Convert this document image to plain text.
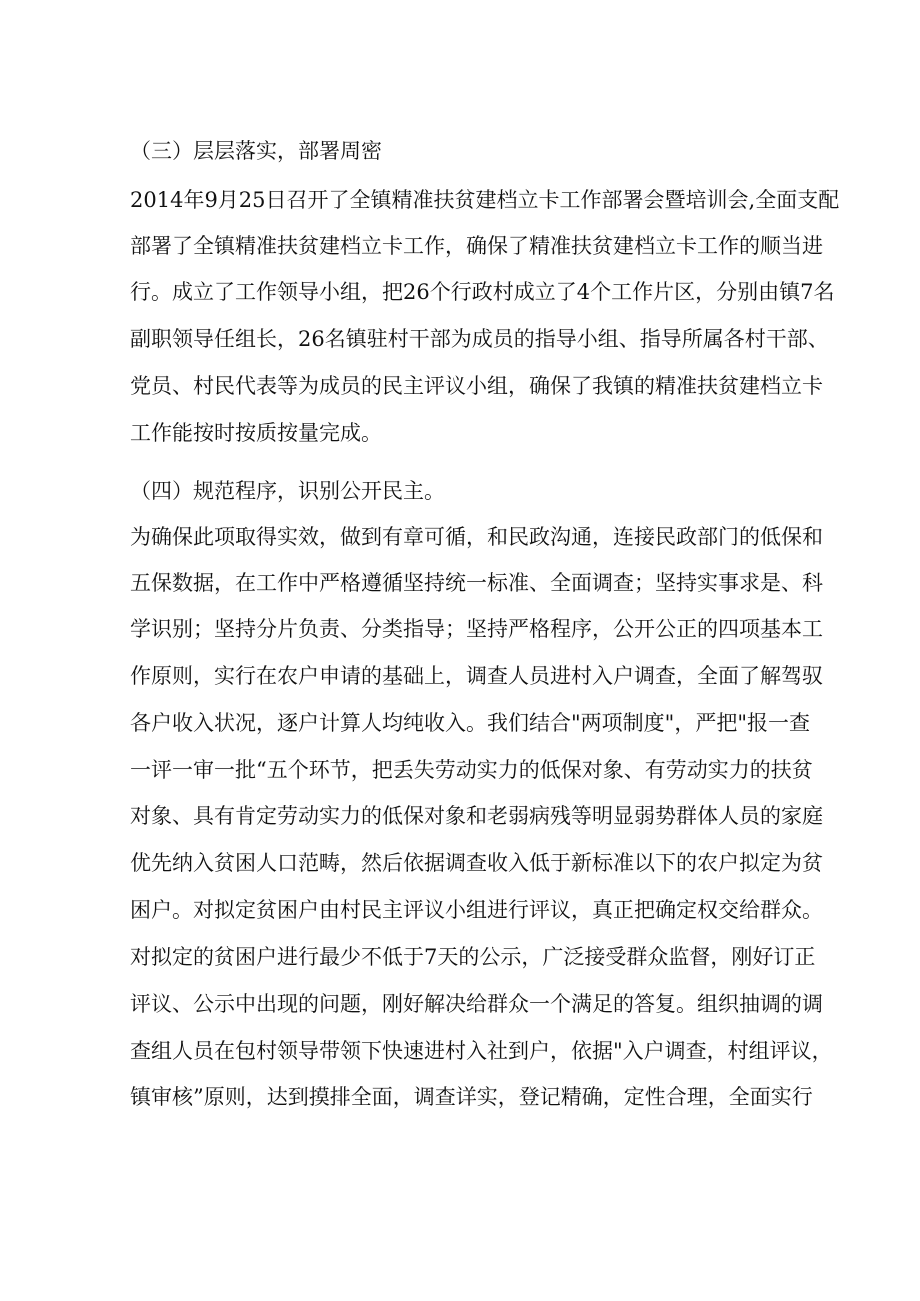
（三）层层落实，部署周密
2014年9月25日召开了全镇精准扶贫建档立卡工作部署会暨培训会,全面支配
部署了全镇精准扶贫建档立卡工作，确保了精准扶贫建档立卡工作的顺当进
行。成立了工作领导小组，把26个行政村成立了4个工作片区，分别由镇7名
副职领导任组长，26名镇驻村干部为成员的指导小组、指导所属各村干部、
党员、村民代表等为成员的民主评议小组，确保了我镇的精准扶贫建档立卡
工作能按时按质按量完成。
（四）规范程序，识别公开民主。
为确保此项取得实效，做到有章可循，和民政沟通，连接民政部门的低保和
五保数据，在工作中严格遵循坚持统一标准、全面调查；坚持实事求是、科
学识别；坚持分片负责、分类指导；坚持严格程序，公开公正的四项基本工
作原则，实行在农户申请的基础上，调查人员进村入户调查，全面了解驾驭
各户收入状况，逐户计算人均纯收入。我们结合"两项制度"，严把"报一查
一评一审一批“五个环节，把丢失劳动实力的低保对象、有劳动实力的扶贫
对象、具有肯定劳动实力的低保对象和老弱病残等明显弱势群体人员的家庭
优先纳入贫困人口范畴，然后依据调查收入低于新标准以下的农户拟定为贫
困户。对拟定贫困户由村民主评议小组进行评议，真正把确定权交给群众。
对拟定的贫困户进行最少不低于7天的公示，广泛接受群众监督，刚好订正
评议、公示中出现的问题，刚好解决给群众一个满足的答复。组织抽调的调
查组人员在包村领导带领下快速进村入社到户，依据"入户调查，村组评议，
镇审核”原则，达到摸排全面，调查详实，登记精确，定性合理，全面实行
